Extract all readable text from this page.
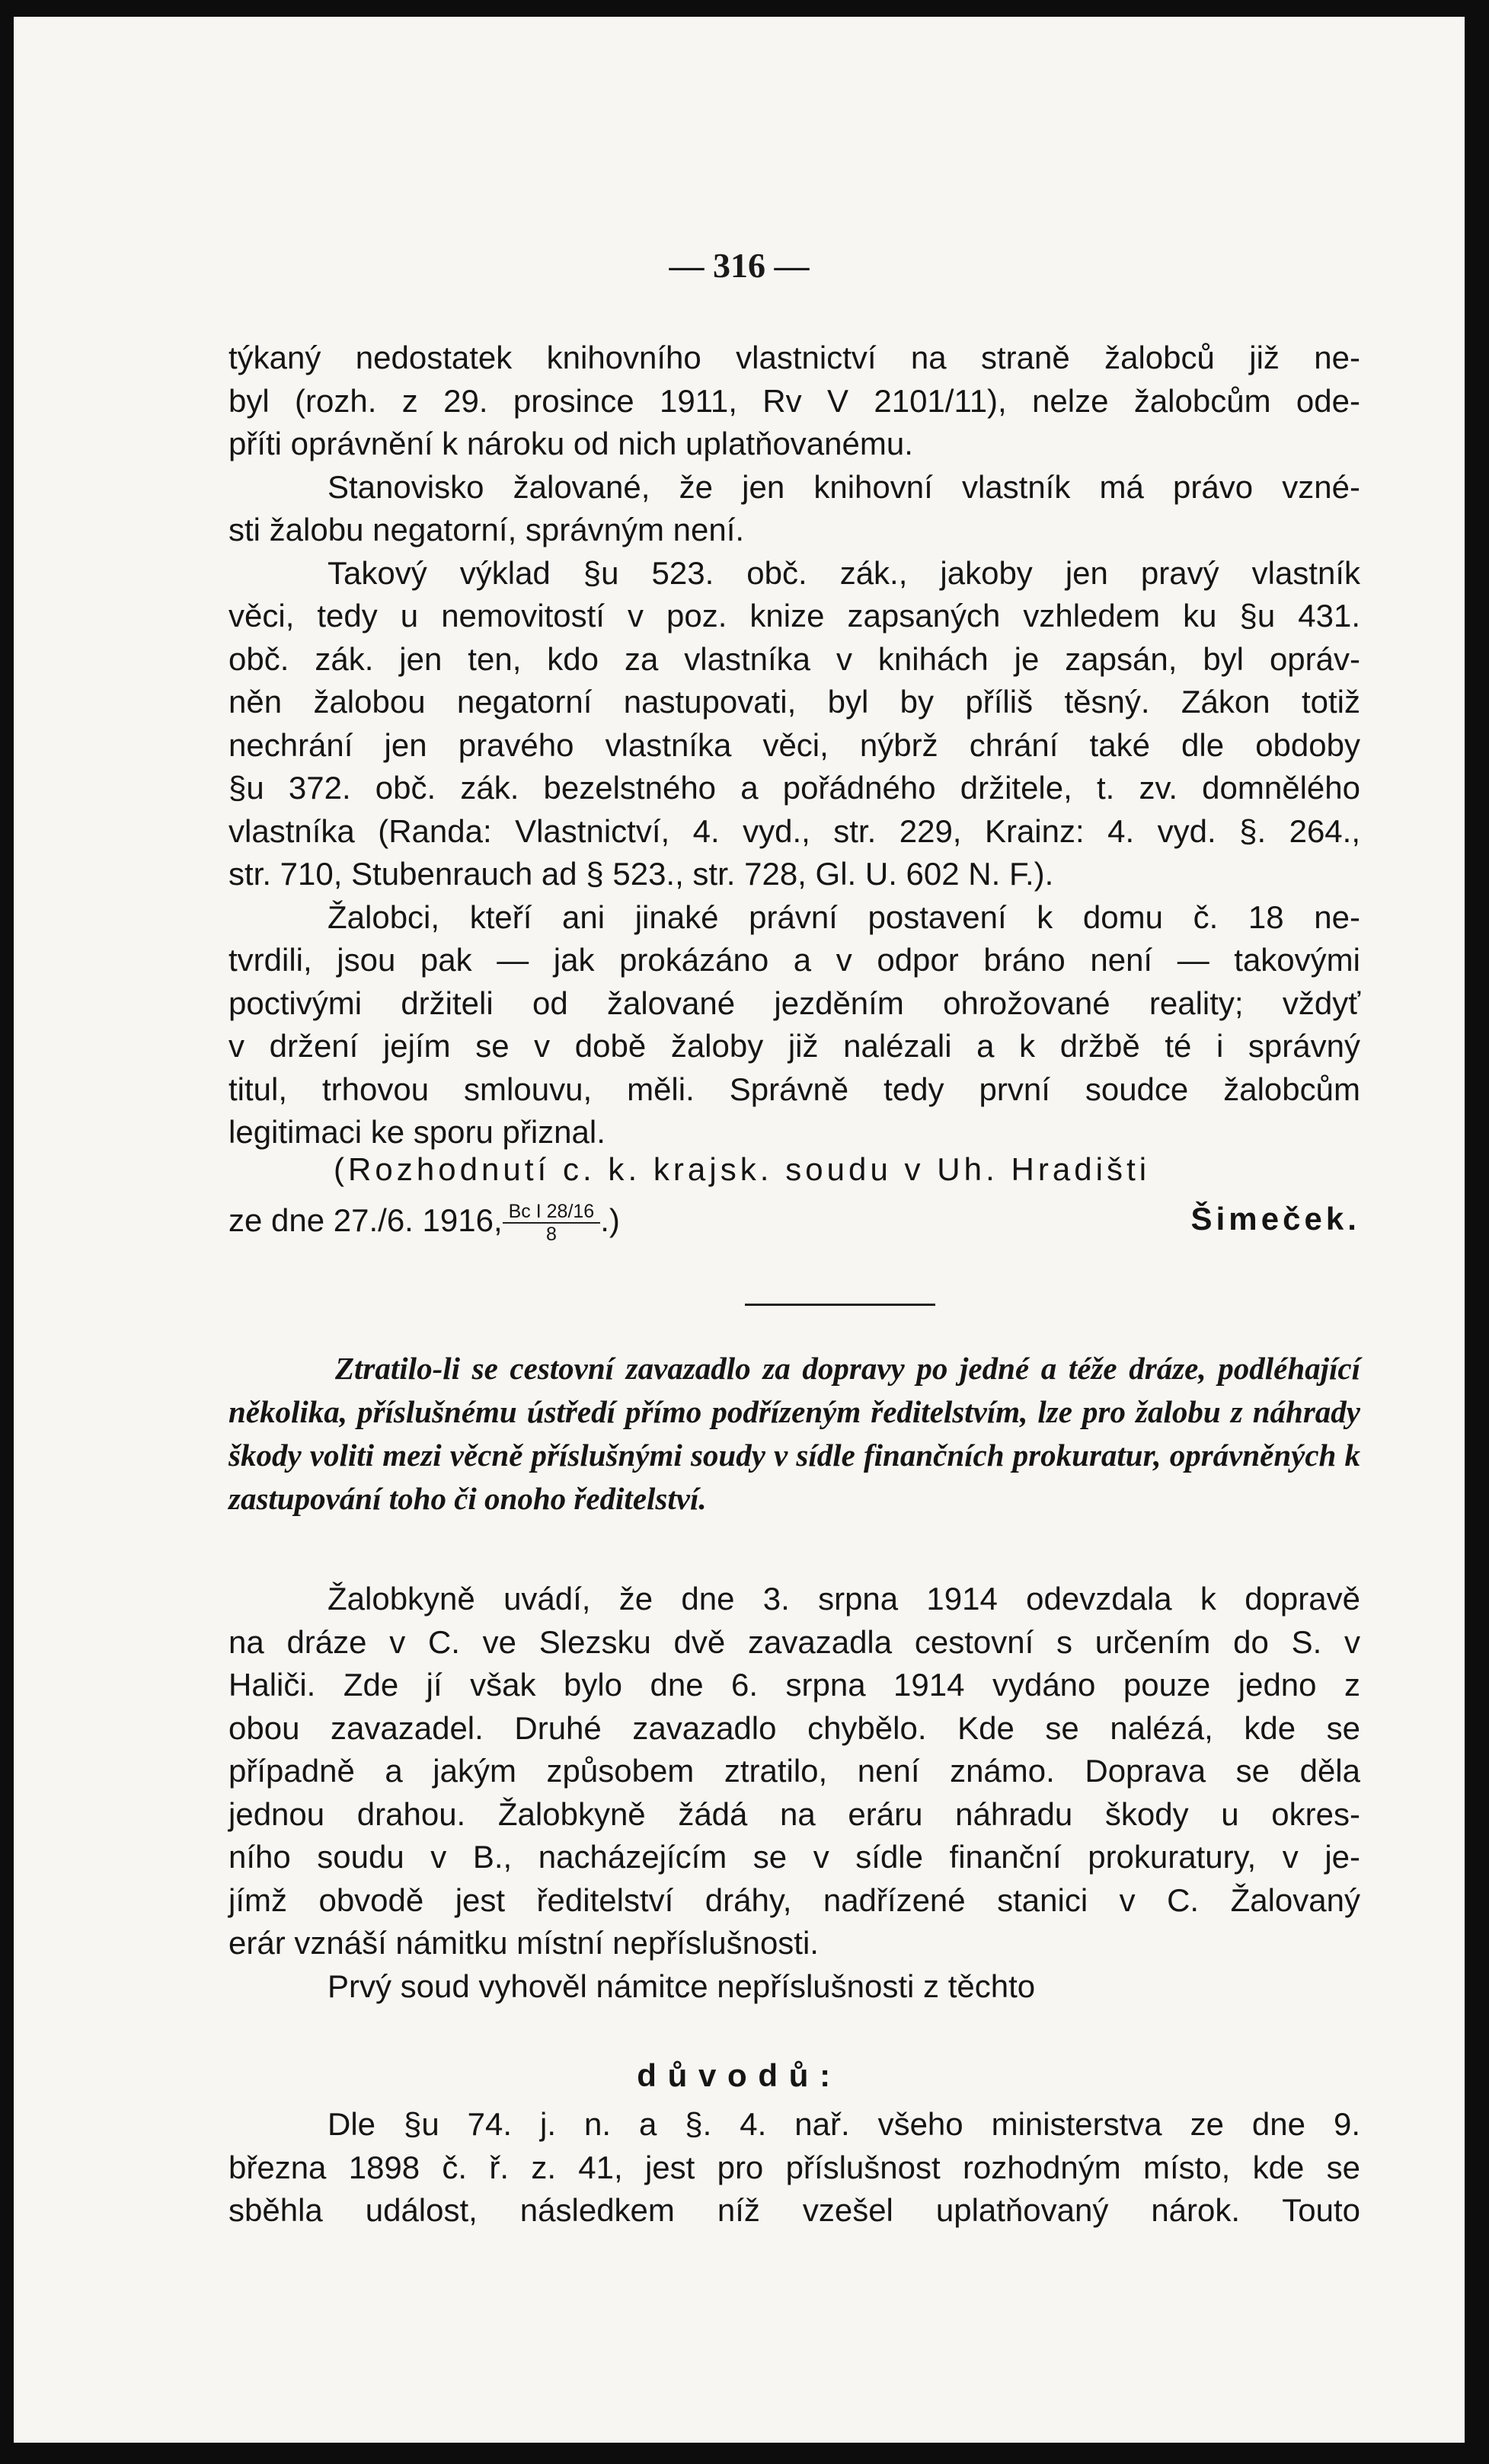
— 316 —

týkaný nedostatek knihovního vlastnictví na straně žalobců již ne-

byl (rozh. z 29. prosince 1911, Rv V 2101/11), nelze žalobcům ode-

příti oprávnění k nároku od nich uplatňovanému.

Stanovisko žalované, že jen knihovní vlastník má právo vzné-

sti žalobu negatorní, správným není.

Takový výklad §u 523. obč. zák., jakoby jen pravý vlastník

věci, tedy u nemovitostí v poz. knize zapsaných vzhledem ku §u 431.

obč. zák. jen ten, kdo za vlastníka v knihách je zapsán, byl opráv-

něn žalobou negatorní nastupovati, byl by příliš těsný. Zákon totiž

nechrání jen pravého vlastníka věci, nýbrž chrání také dle obdoby

§u 372. obč. zák. bezelstného a pořádného držitele, t. zv. domnělého

vlastníka (Randa: Vlastnictví, 4. vyd., str. 229, Krainz: 4. vyd. §. 264.,

str. 710, Stubenrauch ad § 523., str. 728, Gl. U. 602 N. F.).

Žalobci, kteří ani jinaké právní postavení k domu č. 18 ne-

tvrdili, jsou pak — jak prokázáno a v odpor bráno není — takovými

poctivými držiteli od žalované jezděním ohrožované reality; vždyť

v držení jejím se v době žaloby již nalézali a k držbě té i správný

titul, trhovou smlouvu, měli. Správně tedy první soudce žalobcům

legitimaci ke sporu přiznal.

(Rozhodnutí c. k. krajsk. soudu v Uh. Hradišti
ze dne 27./6. 1916, $\frac{\text{Bc I 28/16}}{8}$.)	Šimeček.

Ztratilo-li se cestovní zavazadlo za dopravy po jedné a téže dráze, podléhající několika, příslušnému ústředí přímo podřízeným ředitelstvím, lze pro žalobu z náhrady škody voliti mezi věcně příslušnými soudy v sídle finančních prokuratur, oprávněných k zastupování toho či onoho ředitelství.

Žalobkyně uvádí, že dne 3. srpna 1914 odevzdala k dopravě

na dráze v C. ve Slezsku dvě zavazadla cestovní s určením do S. v

Haliči. Zde jí však bylo dne 6. srpna 1914 vydáno pouze jedno z

obou zavazadel. Druhé zavazadlo chybělo. Kde se nalézá, kde se

případně a jakým způsobem ztratilo, není známo. Doprava se děla

jednou drahou. Žalobkyně žádá na eráru náhradu škody u okres-

ního soudu v B., nacházejícím se v sídle finanční prokuratury, v je-

jímž obvodě jest ředitelství dráhy, nadřízené stanici v C. Žalovaný

erár vznáší námitku místní nepříslušnosti.

Prvý soud vyhověl námitce nepříslušnosti z těchto

důvodů:

Dle §u 74. j. n. a §. 4. nař. všeho ministerstva ze dne 9.

března 1898 č. ř. z. 41, jest pro příslušnost rozhodným místo, kde se

sběhla událost, následkem níž vzešel uplatňovaný nárok. Touto
